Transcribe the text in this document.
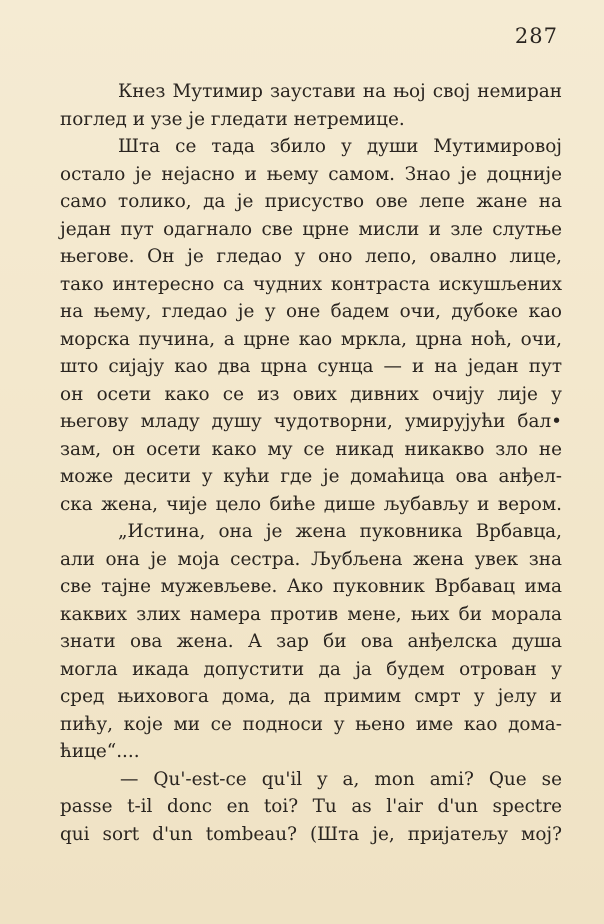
287
Кнез Мутимир заустави на њој свој немиран
поглед и узе је гледати нетремице.
Шта се тада збило у души Мутимировој
остало је нејасно и њему самом. Знао је доцније
само толико, да је присуство ове лепе жане на
један пут одагнало све црне мисли и зле слутње
његове. Он је гледао у оно лепо, овално лице,
тако интересно са чудних контраста искушљених
на њему, гледао је у оне бадем очи, дубоке као
морска пучина, а црне као мркла, црна ноћ, очи,
што сијају као два црна сунца — и на један пут
он осети како се из ових дивних очију лије у
његову младу душу чудотворни, умирујући бал•
зам, он осети како му се никад никакво зло не
може десити у кући где је домаћица ова анђел-
ска жена, чије цело биће дише љубављу и вером.
„Истина, она је жена пуковника Врбавца,
али она је моја сестра. Љубљена жена увек зна
све тајне мужевљеве. Ако пуковник Врбавац има
каквих злих намера против мене, њих би морала
знати ова жена. А зар би ова анђелска душа
могла икада допустити да ја будем отрован у
сред њиховога дома, да примим смрт у јелу и
пићу, које ми се подноси у њено име као дома-
ћице“....
— Qu'-est-ce qu'il y a, mon ami? Que se
passe t-il donc en toi? Tu as l'air d'un spectre
qui sort d'un tombeau? (Шта је, пријатељу мој?
